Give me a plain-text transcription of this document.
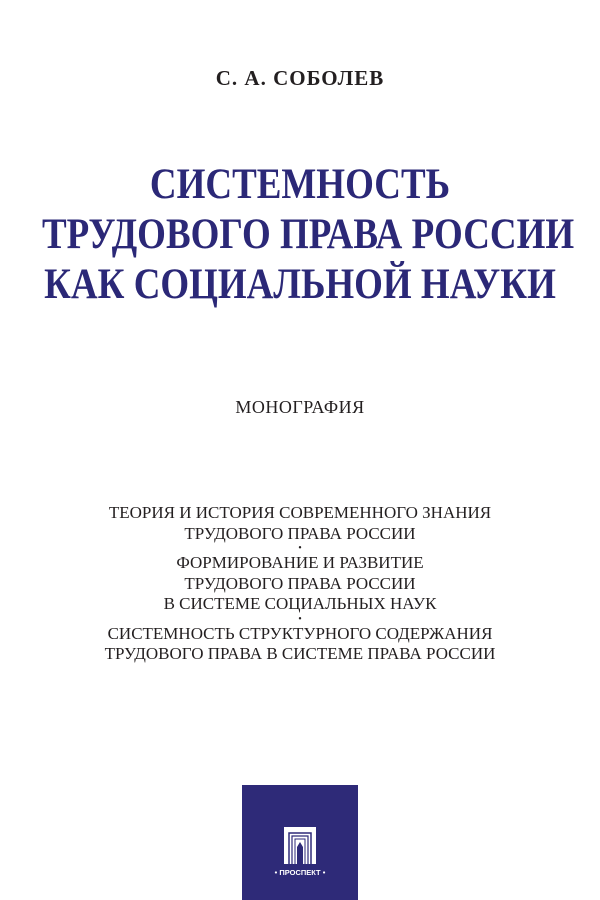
С. А. СОБОЛЕВ
СИСТЕМНОСТЬ
ТРУДОВОГО ПРАВА РОССИИ
КАК СОЦИАЛЬНОЙ НАУКИ
МОНОГРАФИЯ
ТЕОРИЯ И ИСТОРИЯ СОВРЕМЕННОГО ЗНАНИЯ
ТРУДОВОГО ПРАВА РОССИИ
•
ФОРМИРОВАНИЕ И РАЗВИТИЕ
ТРУДОВОГО ПРАВА РОССИИ
В СИСТЕМЕ СОЦИАЛЬНЫХ НАУК
•
СИСТЕМНОСТЬ СТРУКТУРНОГО СОДЕРЖАНИЯ
ТРУДОВОГО ПРАВА В СИСТЕМЕ ПРАВА РОССИИ
• ПРОСПЕКТ •
